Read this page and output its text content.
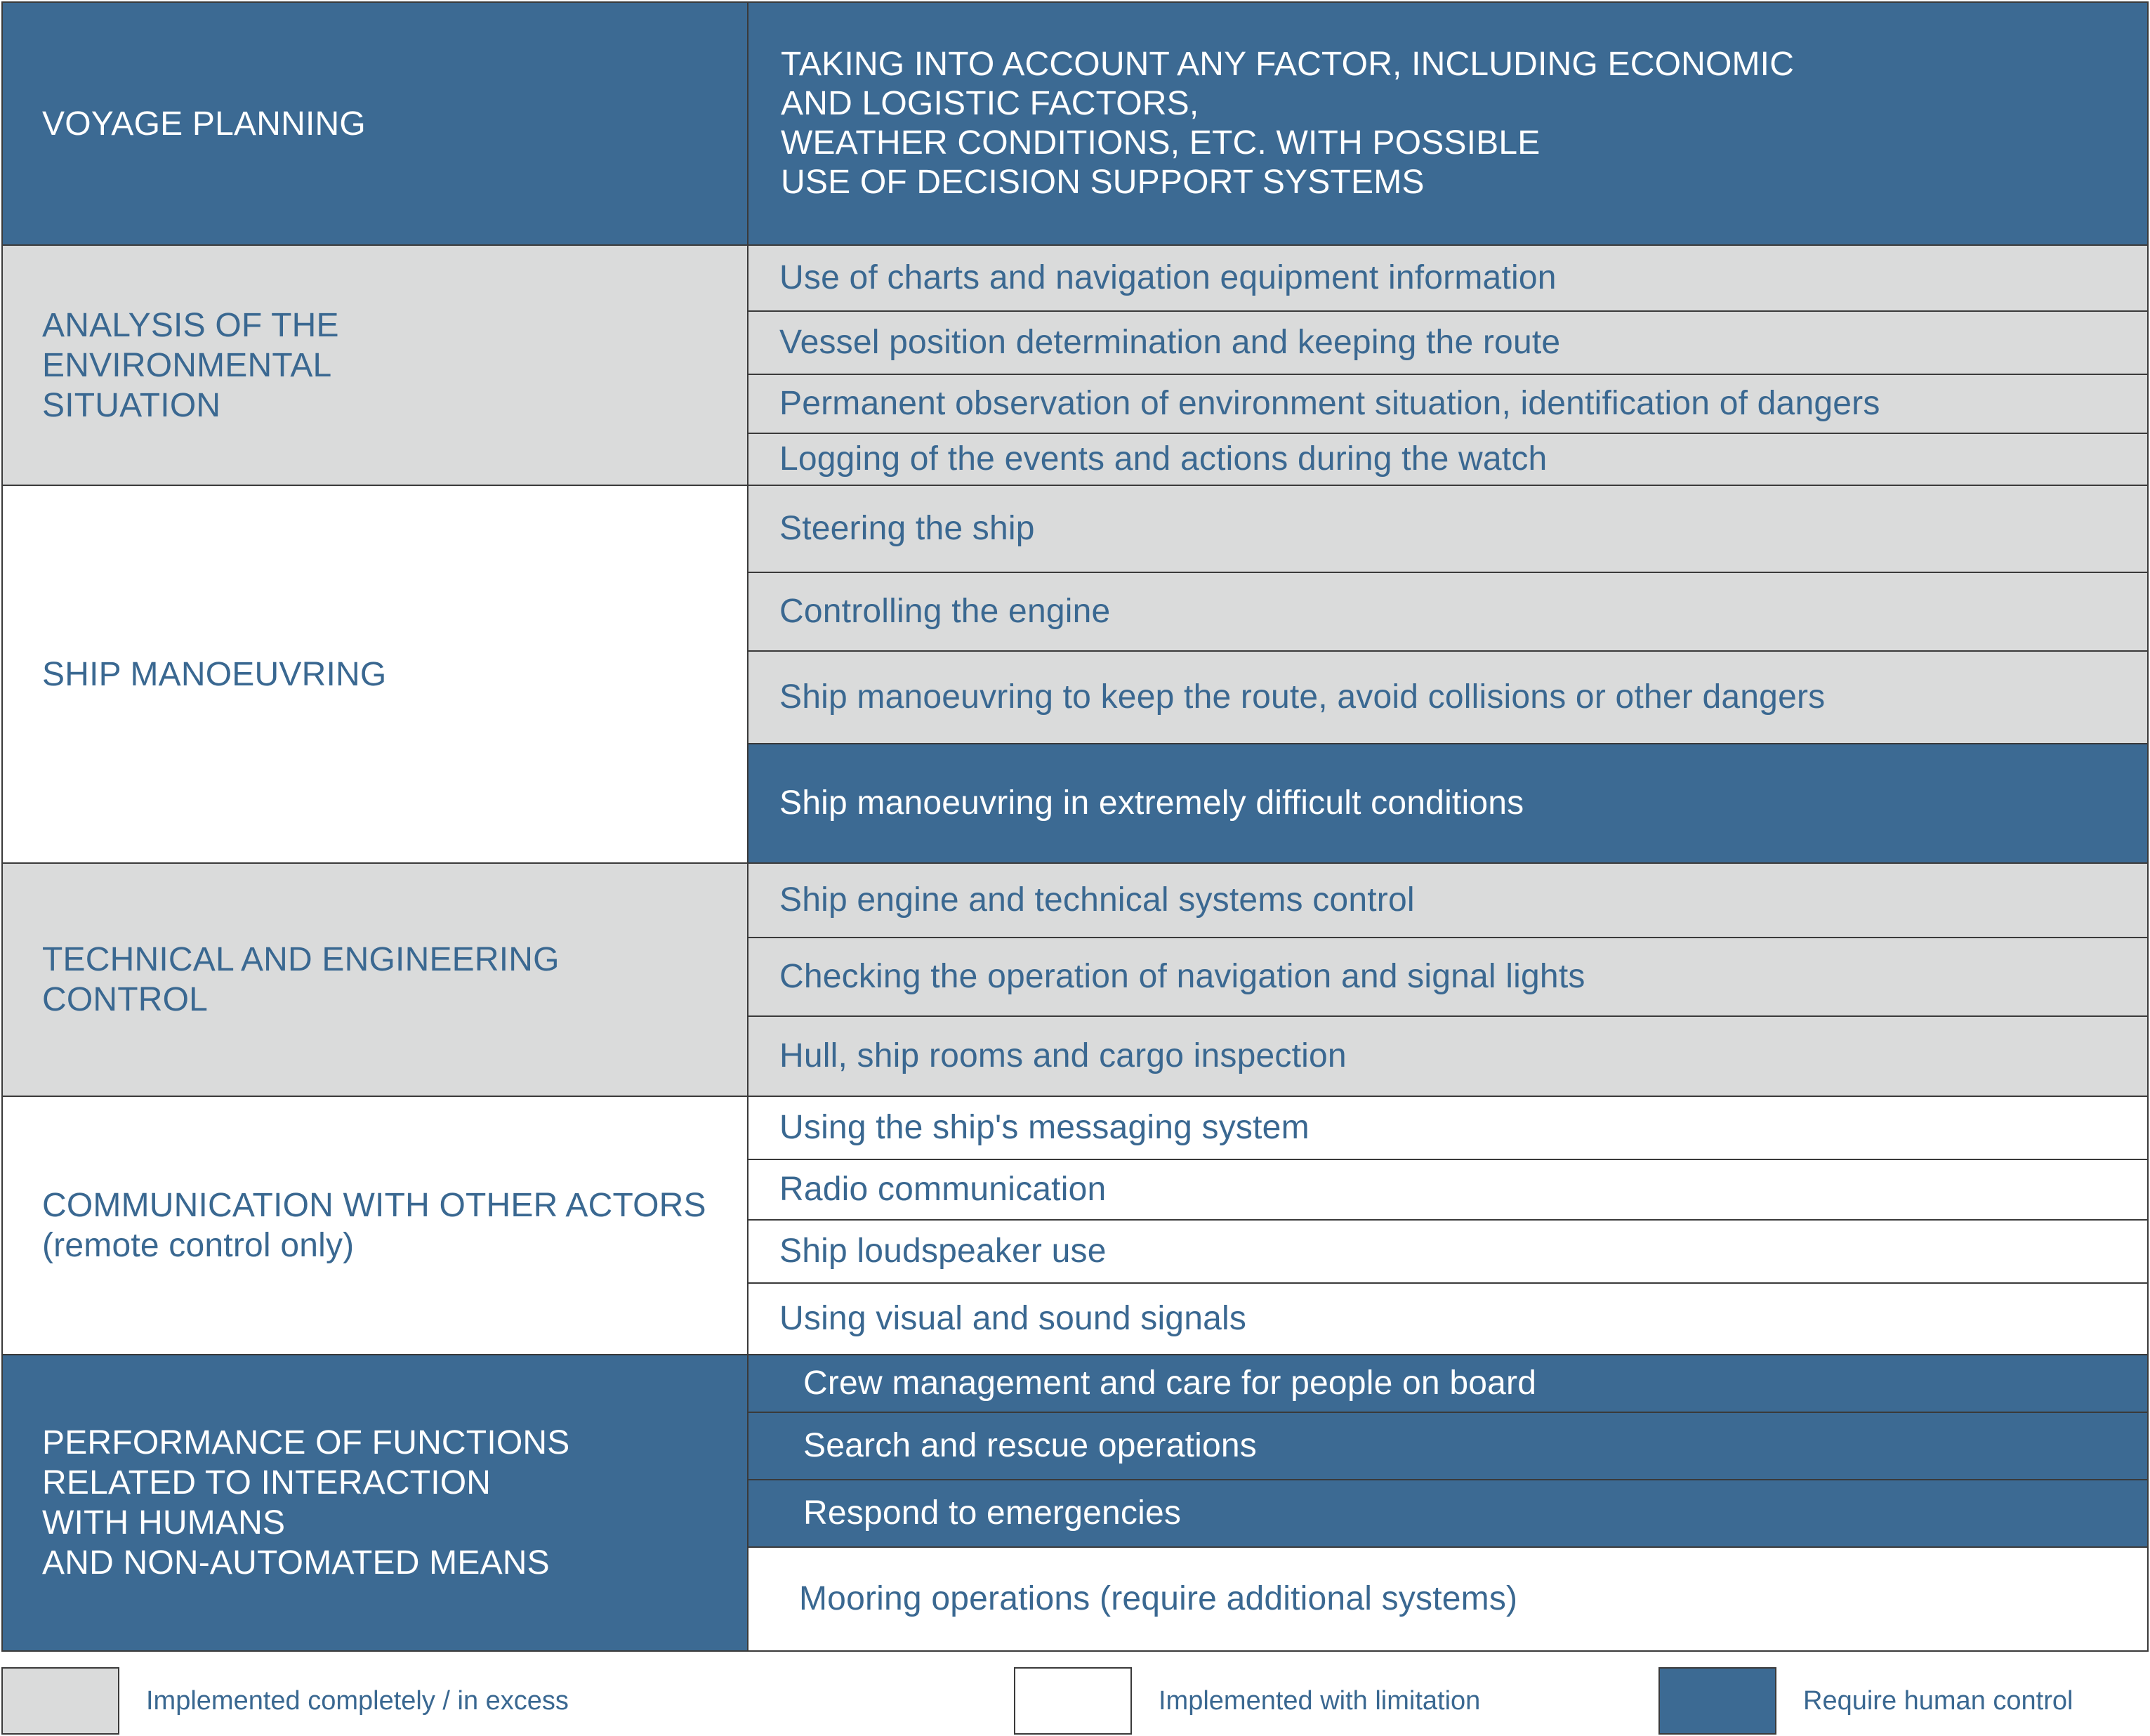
VOYAGE PLANNING
TAKING INTO ACCOUNT ANY FACTOR, INCLUDING ECONOMIC
AND LOGISTIC FACTORS,
WEATHER CONDITIONS, ETC. WITH POSSIBLE
USE OF DECISION SUPPORT SYSTEMS
ANALYSIS OF THE
ENVIRONMENTAL
SITUATION
Use of charts and navigation equipment information
Vessel position determination and keeping the route
Permanent observation of environment situation, identification of dangers
Logging of the events and actions during the watch
SHIP MANOEUVRING
Steering the ship
Controlling the engine
Ship manoeuvring to keep the route, avoid collisions or other dangers
Ship manoeuvring in extremely difficult conditions
TECHNICAL AND ENGINEERING
CONTROL
Ship engine and technical systems control
Checking the operation of navigation and signal lights
Hull, ship rooms and cargo inspection
COMMUNICATION WITH OTHER ACTORS
(remote control only)
Using the ship's messaging system
Radio communication
Ship loudspeaker use
Using visual and sound signals
PERFORMANCE OF FUNCTIONS
RELATED TO INTERACTION
WITH HUMANS
AND NON-AUTOMATED MEANS
Crew management and care for people on board
Search and rescue operations
Respond to emergencies
Mooring operations (require additional systems)
Implemented completely / in excess	Implemented with limitation	Require human control
